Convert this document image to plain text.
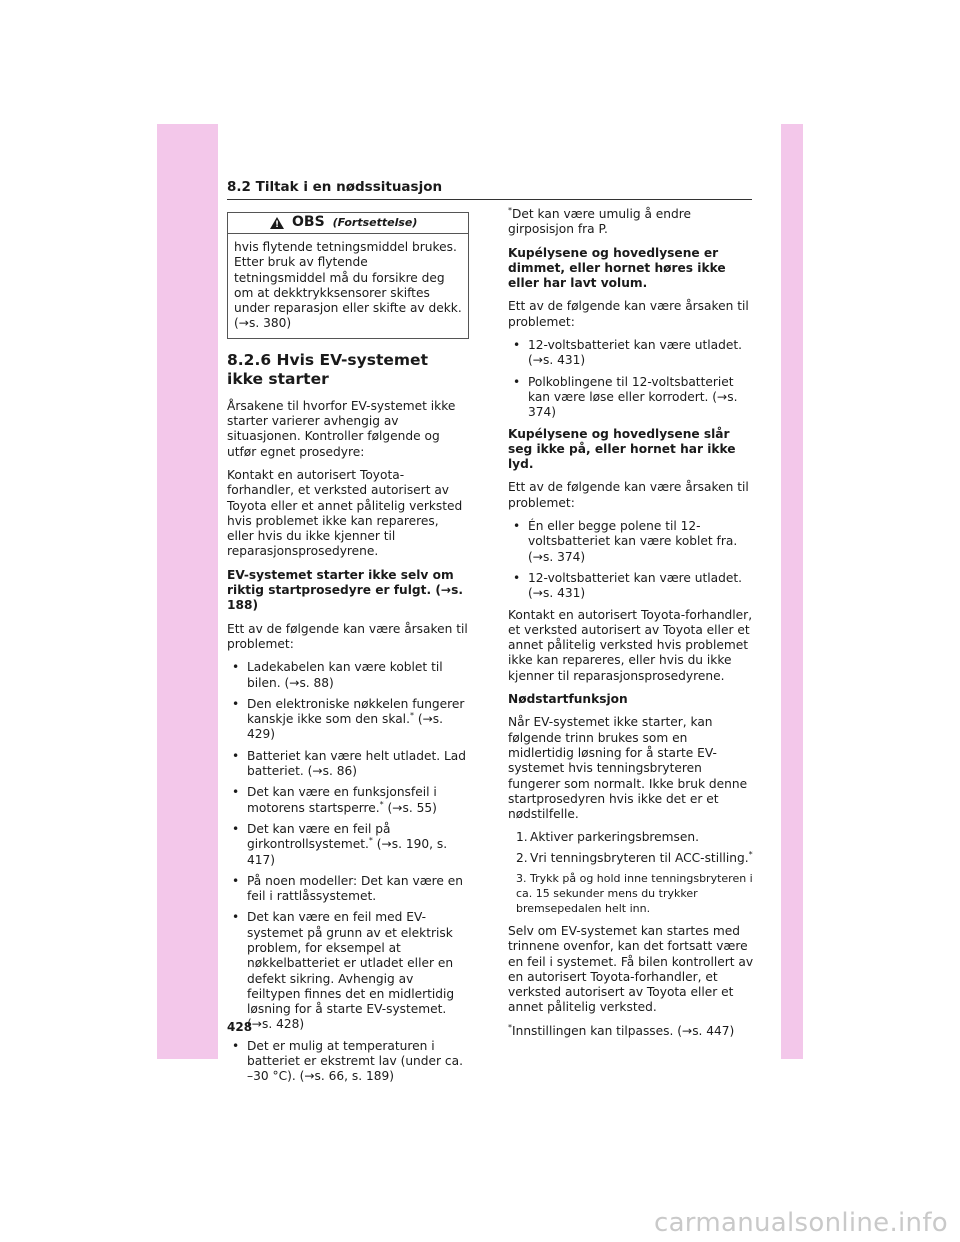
8.2 Tiltak i en nødssituasjon
!
OBS (Fortsettelse)
hvis flytende tetningsmiddel brukes. Etter bruk av flytende tetningsmiddel må du forsikre deg om at dekktrykksensorer skiftes under reparasjon eller skifte av dekk. (→s. 380)
8.2.6 Hvis EV-systemet ikke starter

Årsakene til hvorfor EV-systemet ikke starter varierer avhengig av situasjonen. Kontroller følgende og utfør egnet prosedyre:

Kontakt en autorisert Toyota-forhandler, et verksted autorisert av Toyota eller et annet pålitelig verksted hvis problemet ikke kan repareres, eller hvis du ikke kjenner til reparasjonsprosedyrene.

EV-systemet starter ikke selv om riktig startprosedyre er fulgt. (→s. 188)

Ett av de følgende kan være årsaken til problemet:

• Ladekabelen kan være koblet til bilen. (→s. 88)
• Den elektroniske nøkkelen fungerer kanskje ikke som den skal.* (→s. 429)
• Batteriet kan være helt utladet. Lad batteriet. (→s. 86)
• Det kan være en funksjonsfeil i motorens startsperre.* (→s. 55)
• Det kan være en feil på girkontrollsystemet.* (→s. 190, s. 417)
• På noen modeller: Det kan være en feil i rattlåssystemet.
• Det kan være en feil med EV-systemet på grunn av et elektrisk problem, for eksempel at nøkkelbatteriet er utladet eller en defekt sikring. Avhengig av feiltypen finnes det en midlertidig løsning for å starte EV-systemet. (→s. 428)
• Det er mulig at temperaturen i batteriet er ekstremt lav (under ca. –30 °C). (→s. 66, s. 189)

*Det kan være umulig å endre girposisjon fra P.

Kupélysene og hovedlysene er dimmet, eller hornet høres ikke eller har lavt volum.

Ett av de følgende kan være årsaken til problemet:

• 12-voltsbatteriet kan være utladet. (→s. 431)
• Polkoblingene til 12-voltsbatteriet kan være løse eller korrodert. (→s. 374)

Kupélysene og hovedlysene slår seg ikke på, eller hornet har ikke lyd.

Ett av de følgende kan være årsaken til problemet:

• Én eller begge polene til 12-voltsbatteriet kan være koblet fra. (→s. 374)
• 12-voltsbatteriet kan være utladet. (→s. 431)

Kontakt en autorisert Toyota-forhandler, et verksted autorisert av Toyota eller et annet pålitelig verksted hvis problemet ikke kan repareres, eller hvis du ikke kjenner til reparasjonsprosedyrene.

Nødstartfunksjon

Når EV-systemet ikke starter, kan følgende trinn brukes som en midlertidig løsning for å starte EV-systemet hvis tenningsbryteren fungerer som normalt. Ikke bruk denne startprosedyren hvis ikke det er et nødstilfelle.

1. Aktiver parkeringsbremsen.
2. Vri tenningsbryteren til ACC-stilling.*
3. Trykk på og hold inne tenningsbryteren i ca. 15 sekunder mens du trykker bremsepedalen helt inn.

Selv om EV-systemet kan startes med trinnene ovenfor, kan det fortsatt være en feil i systemet. Få bilen kontrollert av en autorisert Toyota-forhandler, et verksted autorisert av Toyota eller et annet pålitelig verksted.

*Innstillingen kan tilpasses. (→s. 447)

428
carmanualsonline.info
